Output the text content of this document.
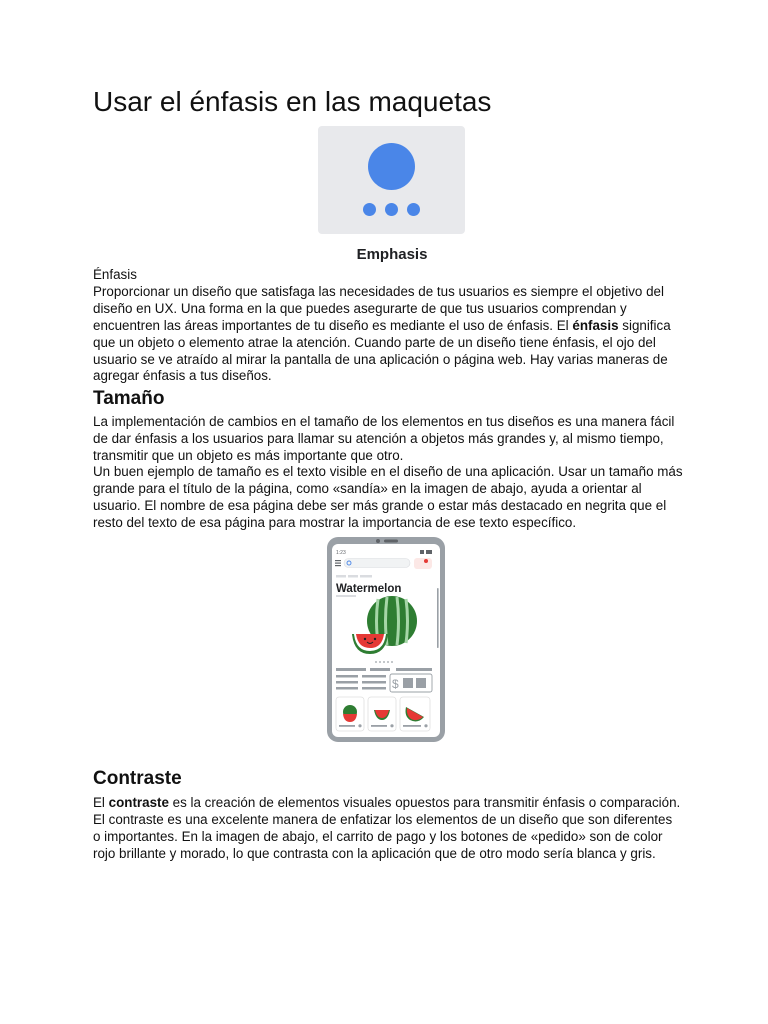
Usar el énfasis en las maquetas
Emphasis

Énfasis
Proporcionar un diseño que satisfaga las necesidades de tus usuarios es siempre el objetivo del diseño en UX. Una forma en la que puedes asegurarte de que tus usuarios comprendan y encuentren las áreas importantes de tu diseño es mediante el uso de énfasis. El énfasis significa que un objeto o elemento atrae la atención. Cuando parte de un diseño tiene énfasis, el ojo del usuario se ve atraído al mirar la pantalla de una aplicación o página web. Hay varias maneras de agregar énfasis a tus diseños.

Tamaño

La implementación de cambios en el tamaño de los elementos en tus diseños es una manera fácil de dar énfasis a los usuarios para llamar su atención a objetos más grandes y, al mismo tiempo, transmitir que un objeto es más importante que otro.

Un buen ejemplo de tamaño es el texto visible en el diseño de una aplicación. Usar un tamaño más grande para el título de la página, como «sandía» en la imagen de abajo, ayuda a orientar al usuario. El nombre de esa página debe ser más grande o estar más destacado en negrita que el resto del texto de esa página para mostrar la importancia de ese texto específico.

1:23
Watermelon
$
Contraste

El contraste es la creación de elementos visuales opuestos para transmitir énfasis o comparación. El contraste es una excelente manera de enfatizar los elementos de un diseño que son diferentes o importantes. En la imagen de abajo, el carrito de pago y los botones de «pedido» son de color rojo brillante y morado, lo que contrasta con la aplicación que de otro modo sería blanca y gris.
